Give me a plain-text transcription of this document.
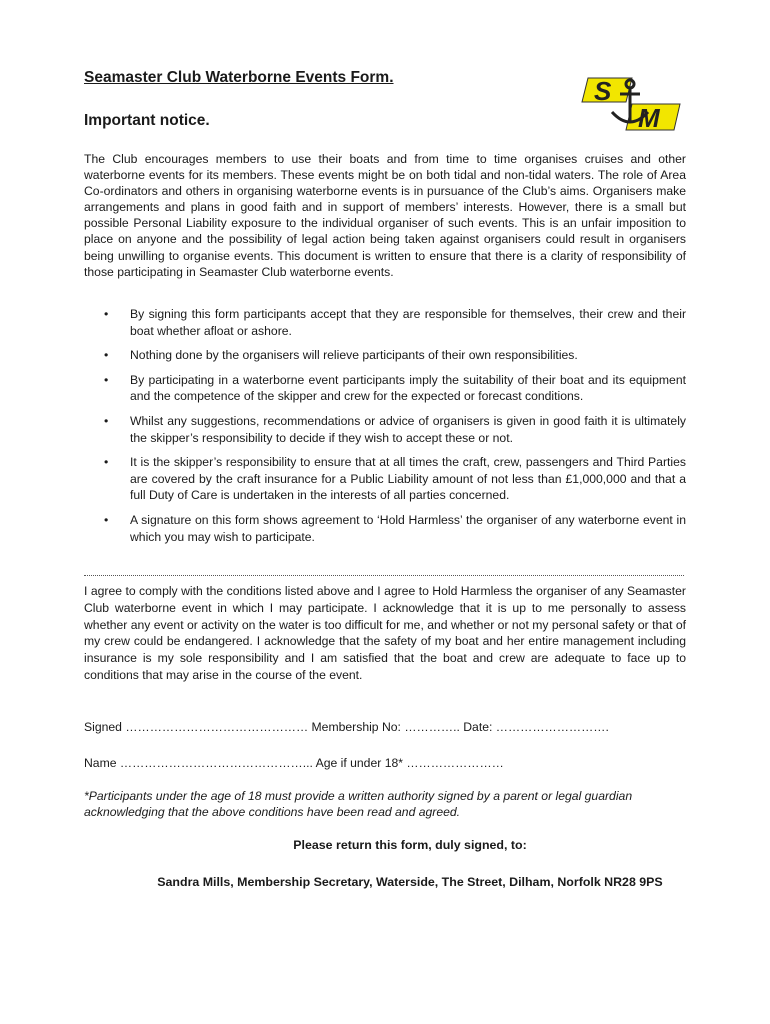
Seamaster Club Waterborne Events Form.
Important notice.
S
M

The Club encourages members to use their boats and from time to time organises cruises and other waterborne events for its members. These events might be on both tidal and non-tidal waters. The role of Area Co-ordinators and others in organising waterborne events is in pursuance of the Club’s aims. Organisers make arrangements and plans in good faith and in support of members’ interests. However, there is a small but possible Personal Liability exposure to the individual organiser of such events. This is an unfair imposition to place on anyone and the possibility of legal action being taken against organisers could result in organisers being unwilling to organise events. This document is written to ensure that there is a clarity of responsibility of those participating in Seamaster Club waterborne events.

• By signing this form participants accept that they are responsible for themselves, their crew and their boat whether afloat or ashore.
• Nothing done by the organisers will relieve participants of their own responsibilities.
• By participating in a waterborne event participants imply the suitability of their boat and its equipment and the competence of the skipper and crew for the expected or forecast conditions.
• Whilst any suggestions, recommendations or advice of organisers is given in good faith it is ultimately the skipper’s responsibility to decide if they wish to accept these or not.
• It is the skipper’s responsibility to ensure that at all times the craft, crew, passengers and Third Parties are covered by the craft insurance for a Public Liability amount of not less than £1,000,000 and that a full Duty of Care is undertaken in the interests of all parties concerned.
• A signature on this form shows agreement to ‘Hold Harmless’ the organiser of any waterborne event in which you may wish to participate.

I agree to comply with the conditions listed above and I agree to Hold Harmless the organiser of any Seamaster Club waterborne event in which I may participate. I acknowledge that it is up to me personally to assess whether any event or activity on the water is too difficult for me, and whether or not my personal safety or that of my crew could be endangered. I acknowledge that the safety of my boat and her entire management including insurance is my sole responsibility and I am satisfied that the boat and crew are adequate to face up to conditions that may arise in the course of the event.

Signed ……………………………………… Membership No: ………….. Date: ……………………….
Name ………………………………………... Age if under 18* ……………………

*Participants under the age of 18 must provide a written authority signed by a parent or legal guardian acknowledging that the above conditions have been read and agreed.

Please return this form, duly signed, to:

Sandra Mills, Membership Secretary, Waterside, The Street, Dilham, Norfolk NR28 9PS
